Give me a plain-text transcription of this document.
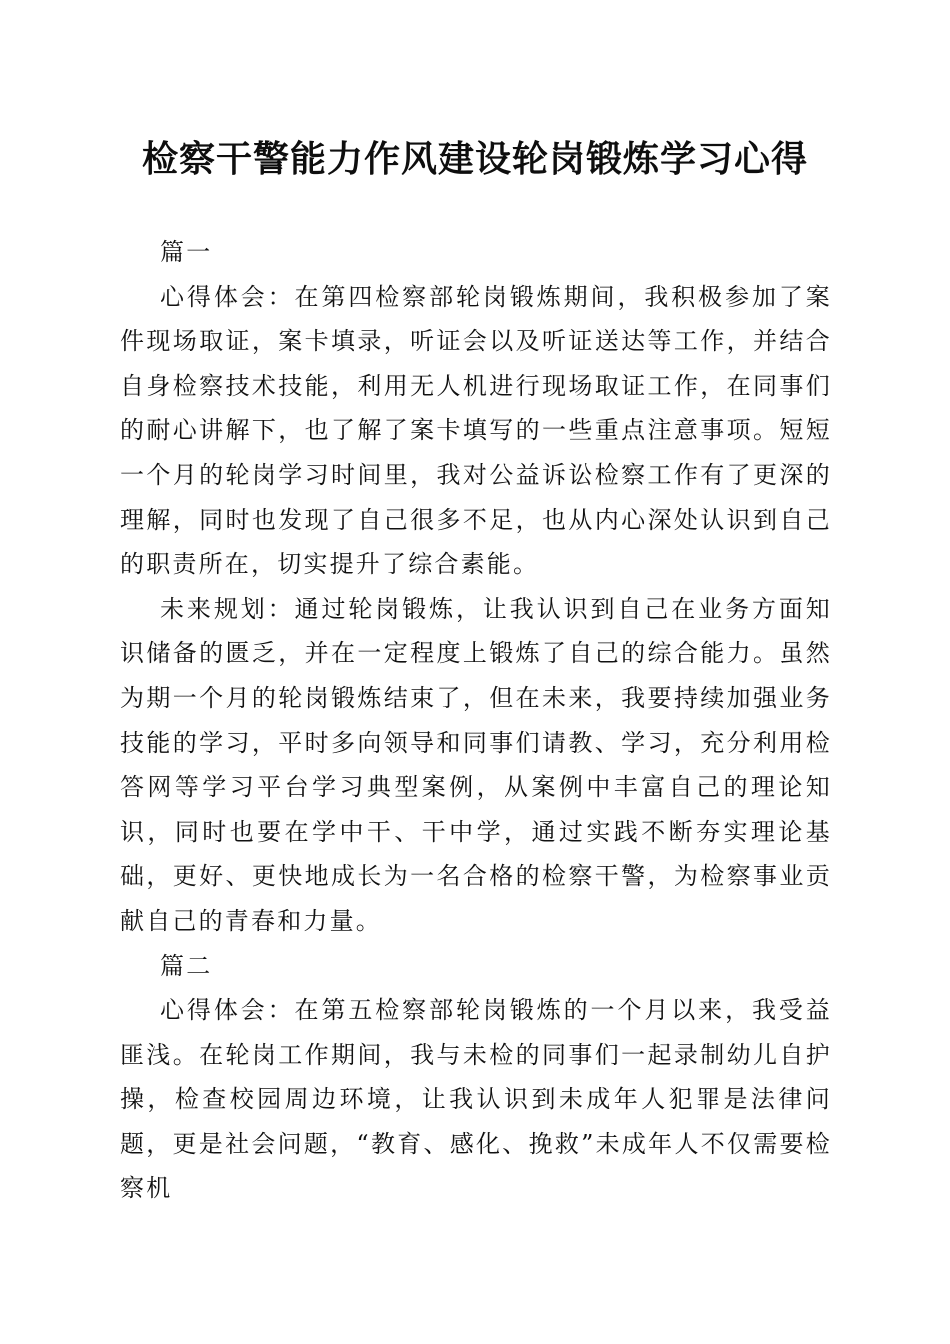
检察干警能力作风建设轮岗锻炼学习心得

篇一

心得体会：在第四检察部轮岗锻炼期间，我积极参加了案件现场取证，案卡填录，听证会以及听证送达等工作，并结合自身检察技术技能，利用无人机进行现场取证工作，在同事们的耐心讲解下，也了解了案卡填写的一些重点注意事项。短短一个月的轮岗学习时间里，我对公益诉讼检察工作有了更深的理解，同时也发现了自己很多不足，也从内心深处认识到自己的职责所在，切实提升了综合素能。

未来规划：通过轮岗锻炼，让我认识到自己在业务方面知识储备的匮乏，并在一定程度上锻炼了自己的综合能力。虽然为期一个月的轮岗锻炼结束了，但在未来，我要持续加强业务技能的学习，平时多向领导和同事们请教、学习，充分利用检答网等学习平台学习典型案例，从案例中丰富自己的理论知识，同时也要在学中干、干中学，通过实践不断夯实理论基础，更好、更快地成长为一名合格的检察干警，为检察事业贡献自己的青春和力量。

篇二

心得体会：在第五检察部轮岗锻炼的一个月以来，我受益匪浅。在轮岗工作期间，我与未检的同事们一起录制幼儿自护操，检查校园周边环境，让我认识到未成年人犯罪是法律问题，更是社会问题，“教育、感化、挽救”未成年人不仅需要检察机
